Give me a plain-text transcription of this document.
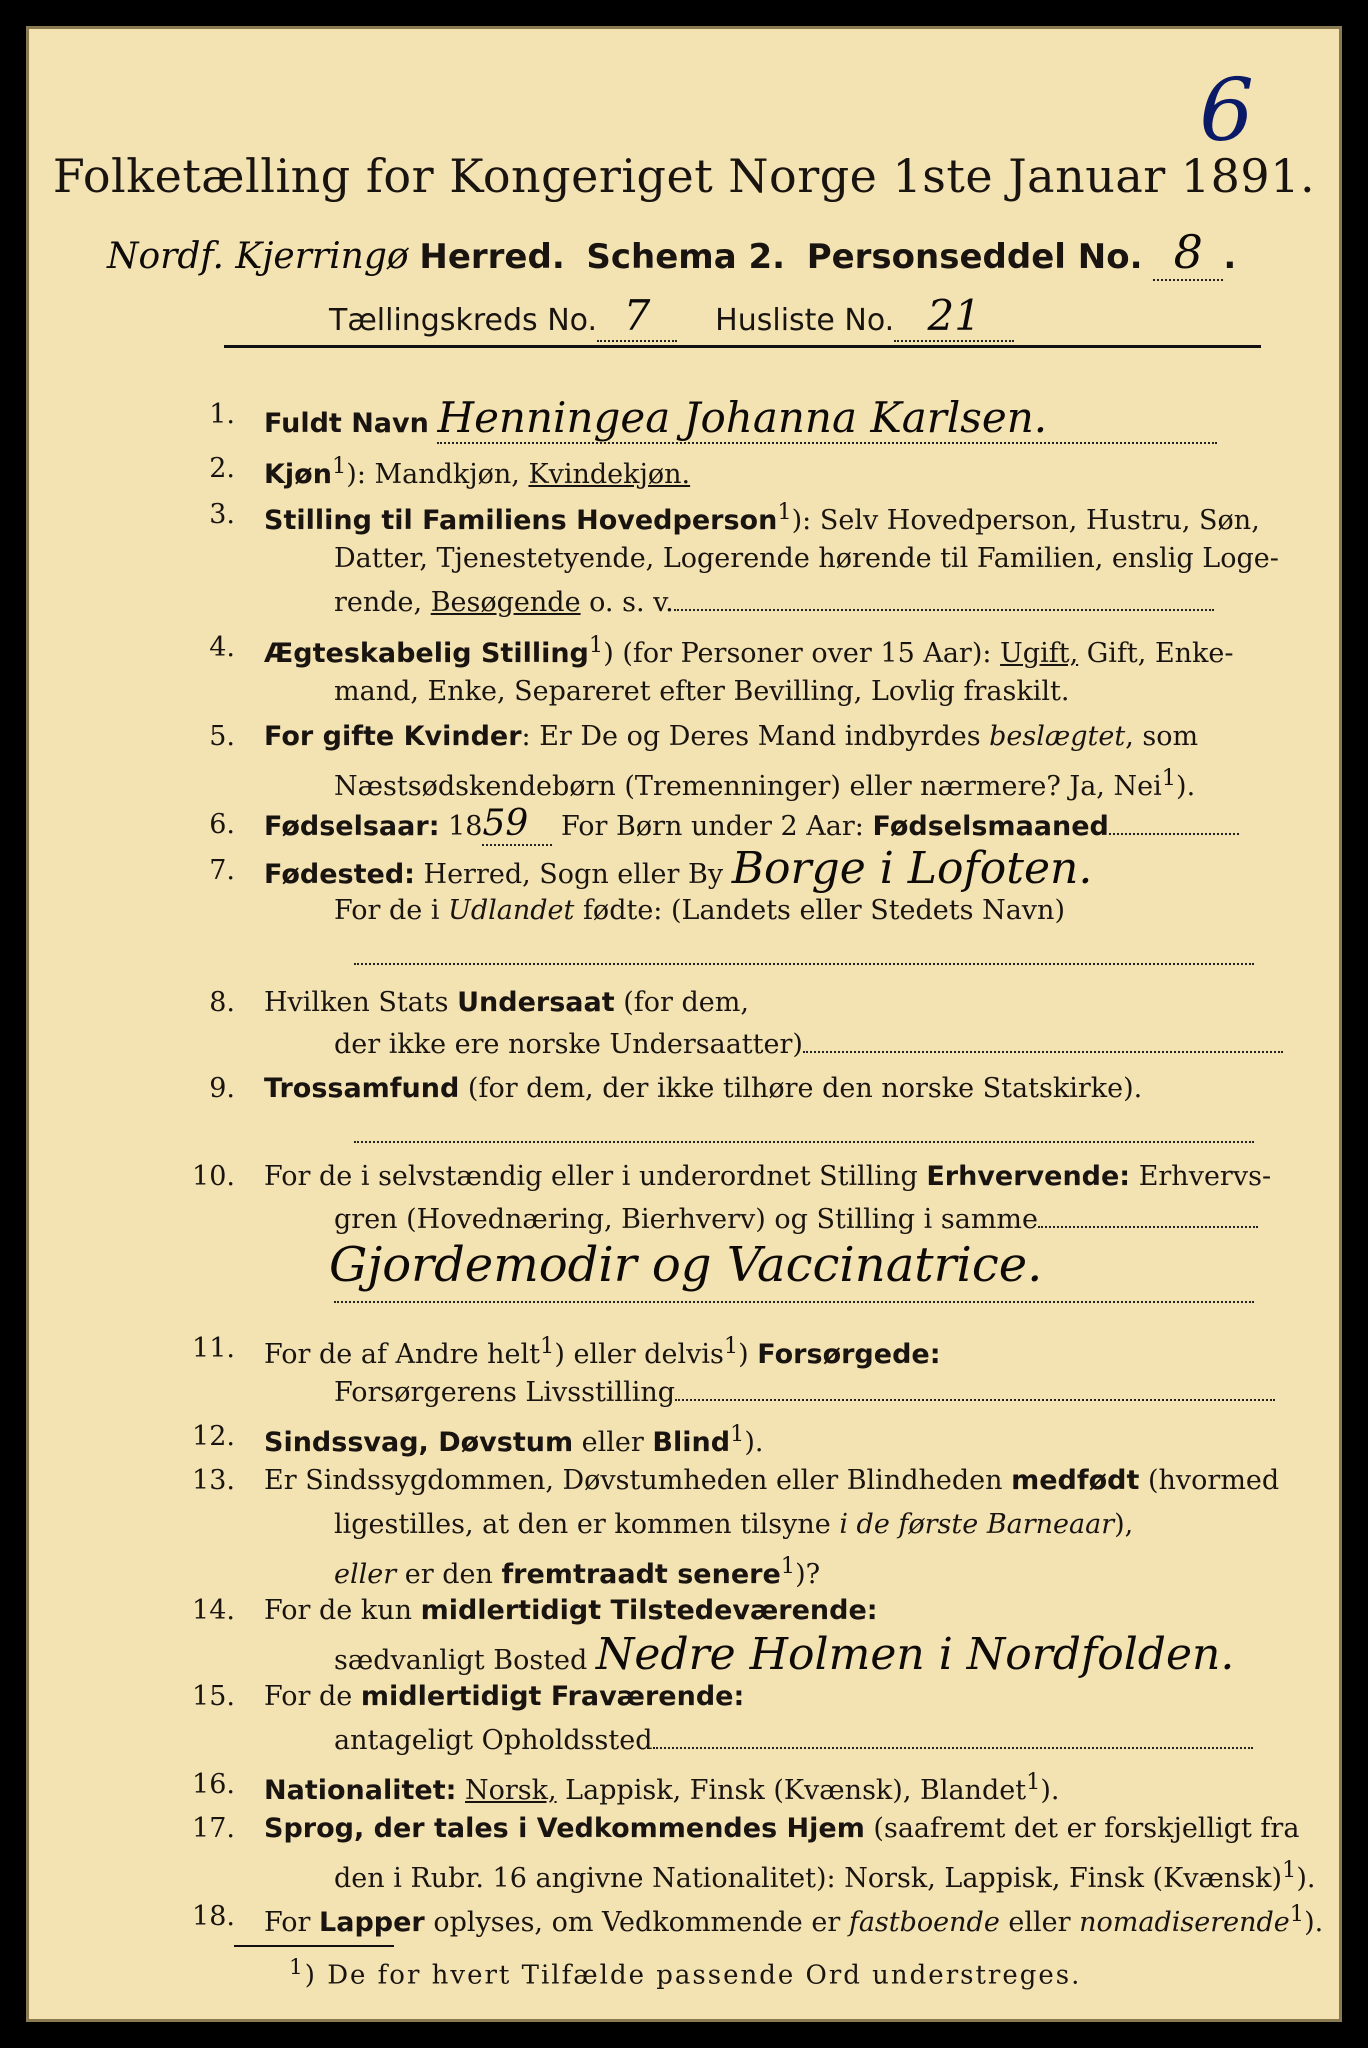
6
Folketælling for Kongeriget Norge 1ste Januar 1891.
Nordf. Kjerringø Herred. Schema 2. Personseddel No. 8 .
Tællingskreds No. 7 Husliste No. 21
1. Fuldt Navn Henningea Johanna Karlsen.
2. Kjøn$^1$): Mandkjøn, Kvindekjøn.
3. Stilling til Familiens Hovedperson$^1$): Selv Hovedperson, Hustru, Søn,
Datter, Tjenestetyende, Logerende hørende til Familien, enslig Loge-
rende, Besøgende o. s. v.
4. Ægteskabelig Stilling$^1$) (for Personer over 15 Aar): Ugift, Gift, Enke-
mand, Enke, Separeret efter Bevilling, Lovlig fraskilt.
5. For gifte Kvinder: Er De og Deres Mand indbyrdes beslægtet, som
Næstsødskendebørn (Tremenninger) eller nærmere? Ja, Nei$^1$).
6. Fødselsaar: 1859 For Børn under 2 Aar: Fødselsmaaned
7. Fødested: Herred, Sogn eller By Borge i Lofoten.
For de i Udlandet fødte: (Landets eller Stedets Navn)
8. Hvilken Stats Undersaat (for dem,
der ikke ere norske Undersaatter)
9. Trossamfund (for dem, der ikke tilhøre den norske Statskirke).
10. For de i selvstændig eller i underordnet Stilling Erhvervende: Erhvervs-
gren (Hovednæring, Bierhverv) og Stilling i samme
Gjordemodir og Vaccinatrice.
11. For de af Andre helt$^1$) eller delvis$^1$) Forsørgede:
Forsørgerens Livsstilling
12. Sindssvag, Døvstum eller Blind$^1$).
13. Er Sindssygdommen, Døvstumheden eller Blindheden medfødt (hvormed
ligestilles, at den er kommen tilsyne i de første Barneaar),
eller er den fremtraadt senere$^1$)?
14. For de kun midlertidigt Tilstedeværende:
sædvanligt Bosted Nedre Holmen i Nordfolden.
15. For de midlertidigt Fraværende:
antageligt Opholdssted
16. Nationalitet: Norsk, Lappisk, Finsk (Kvænsk), Blandet$^1$).
17. Sprog, der tales i Vedkommendes Hjem (saafremt det er forskjelligt fra
den i Rubr. 16 angivne Nationalitet): Norsk, Lappisk, Finsk (Kvænsk)$^1$).
18. For Lapper oplyses, om Vedkommende er fastboende eller nomadiserende$^1$).
$^1$) De for hvert Tilfælde passende Ord understreges.
